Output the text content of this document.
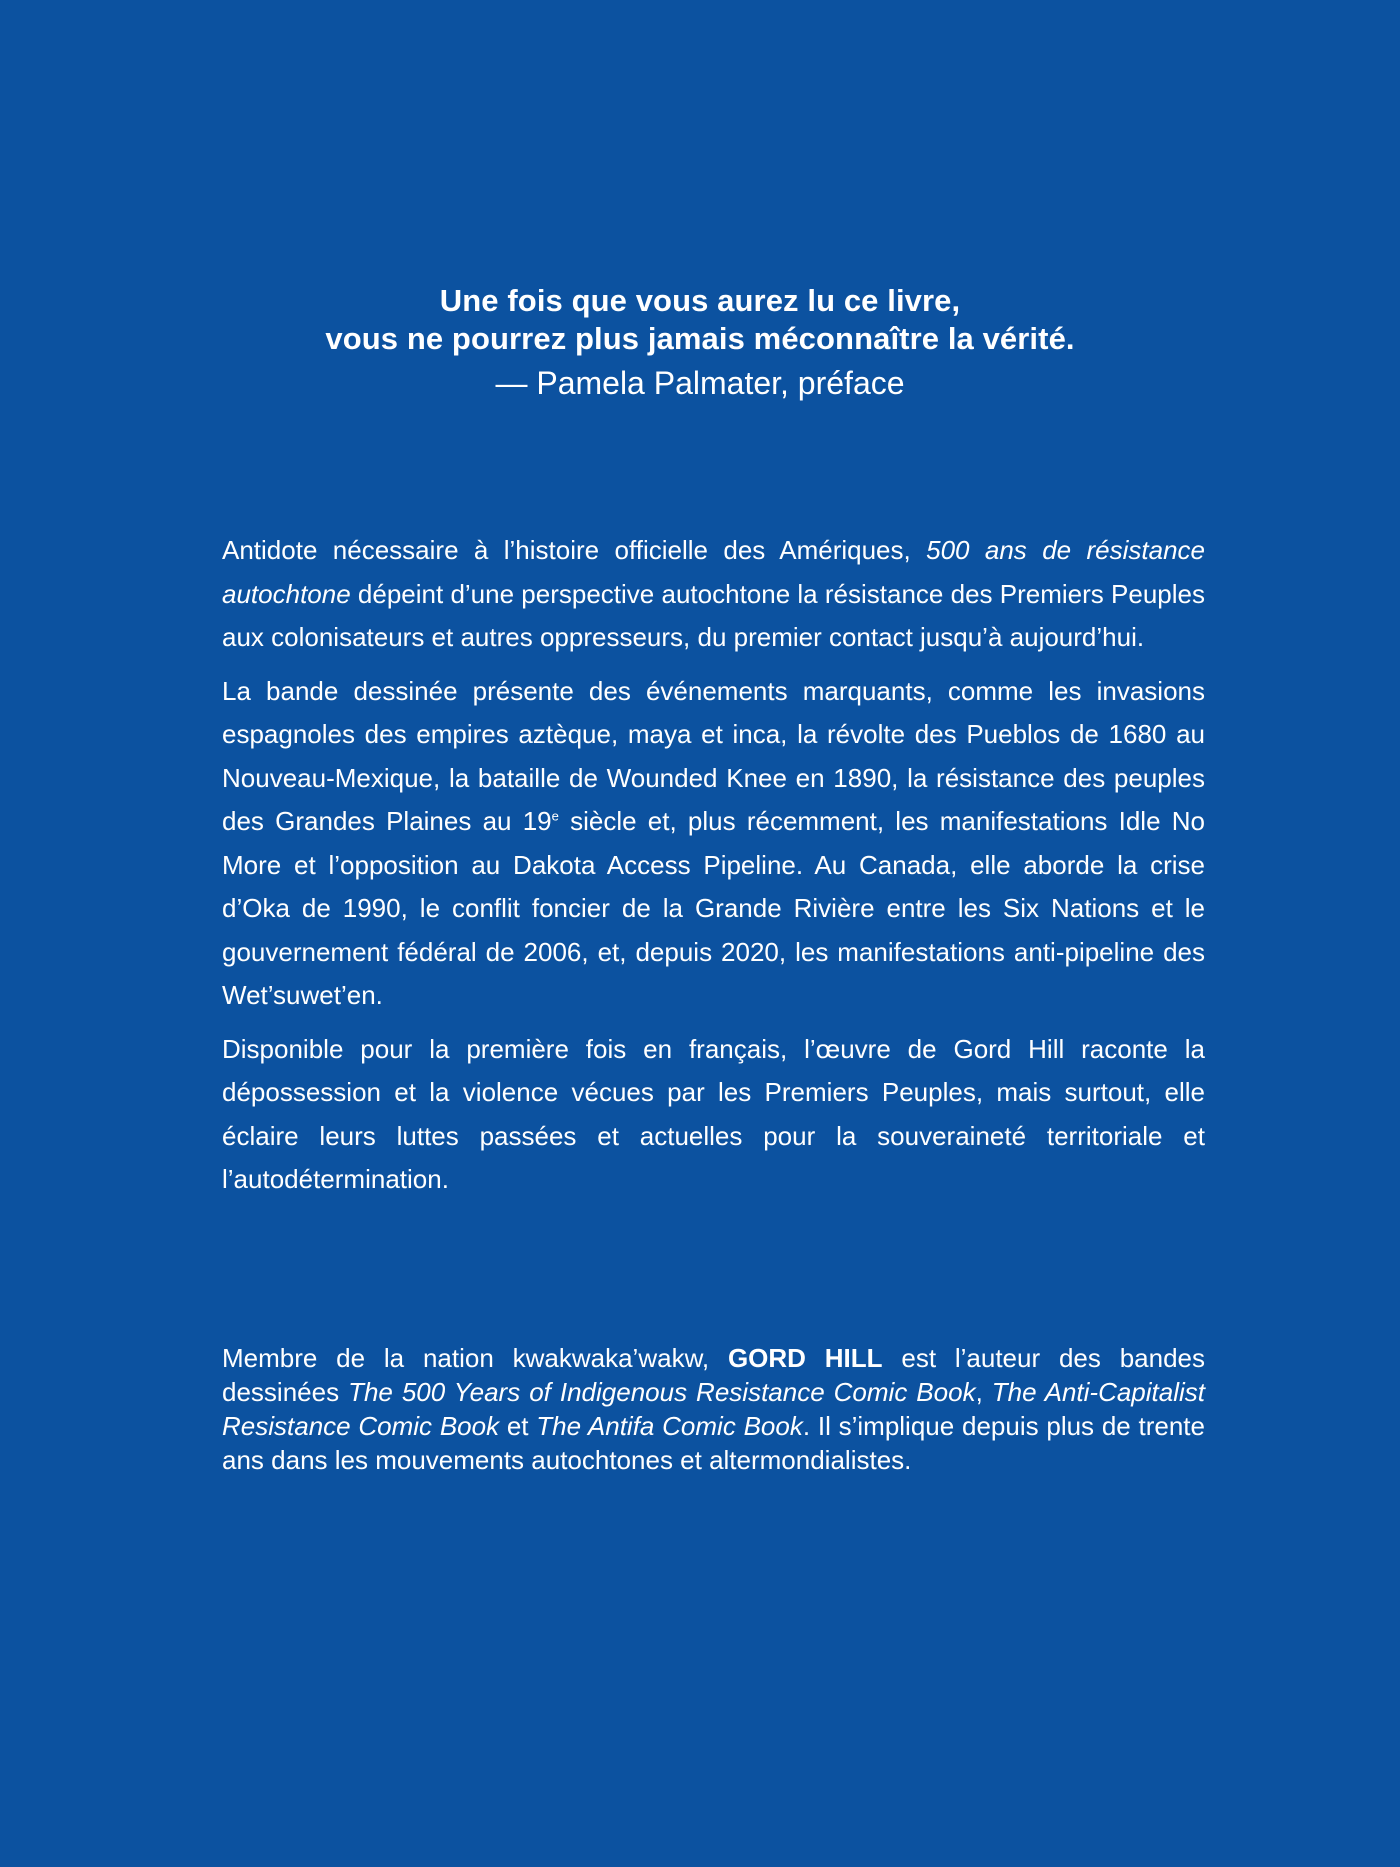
Une fois que vous aurez lu ce livre,
vous ne pourrez plus jamais méconnaître la vérité.
— Pamela Palmater, préface

Antidote nécessaire à l’histoire officielle des Amériques, 500 ans de résistance autochtone dépeint d’une perspective autochtone la résistance des Premiers Peuples aux colonisateurs et autres oppresseurs, du premier contact jusqu’à aujourd’hui.

La bande dessinée présente des événements marquants, comme les invasions espagnoles des empires aztèque, maya et inca, la révolte des Pueblos de 1680 au Nouveau-Mexique, la bataille de Wounded Knee en 1890, la résistance des peuples des Grandes Plaines au 19e siècle et, plus récemment, les manifestations Idle No More et l’opposition au Dakota Access Pipeline. Au Canada, elle aborde la crise d’Oka de 1990, le conflit foncier de la Grande Rivière entre les Six Nations et le gouvernement fédéral de 2006, et, depuis 2020, les manifestations anti-pipeline des Wet’suwet’en.

Disponible pour la première fois en français, l’œuvre de Gord Hill raconte la dépossession et la violence vécues par les Premiers Peuples, mais surtout, elle éclaire leurs luttes passées et actuelles pour la souveraineté territoriale et l’autodétermination.

Membre de la nation kwakwaka’wakw, GORD HILL est l’auteur des bandes dessinées The 500 Years of Indigenous Resistance Comic Book, The Anti-Capitalist Resistance Comic Book et The Antifa Comic Book. Il s’implique depuis plus de trente ans dans les mouvements autochtones et altermondialistes.
